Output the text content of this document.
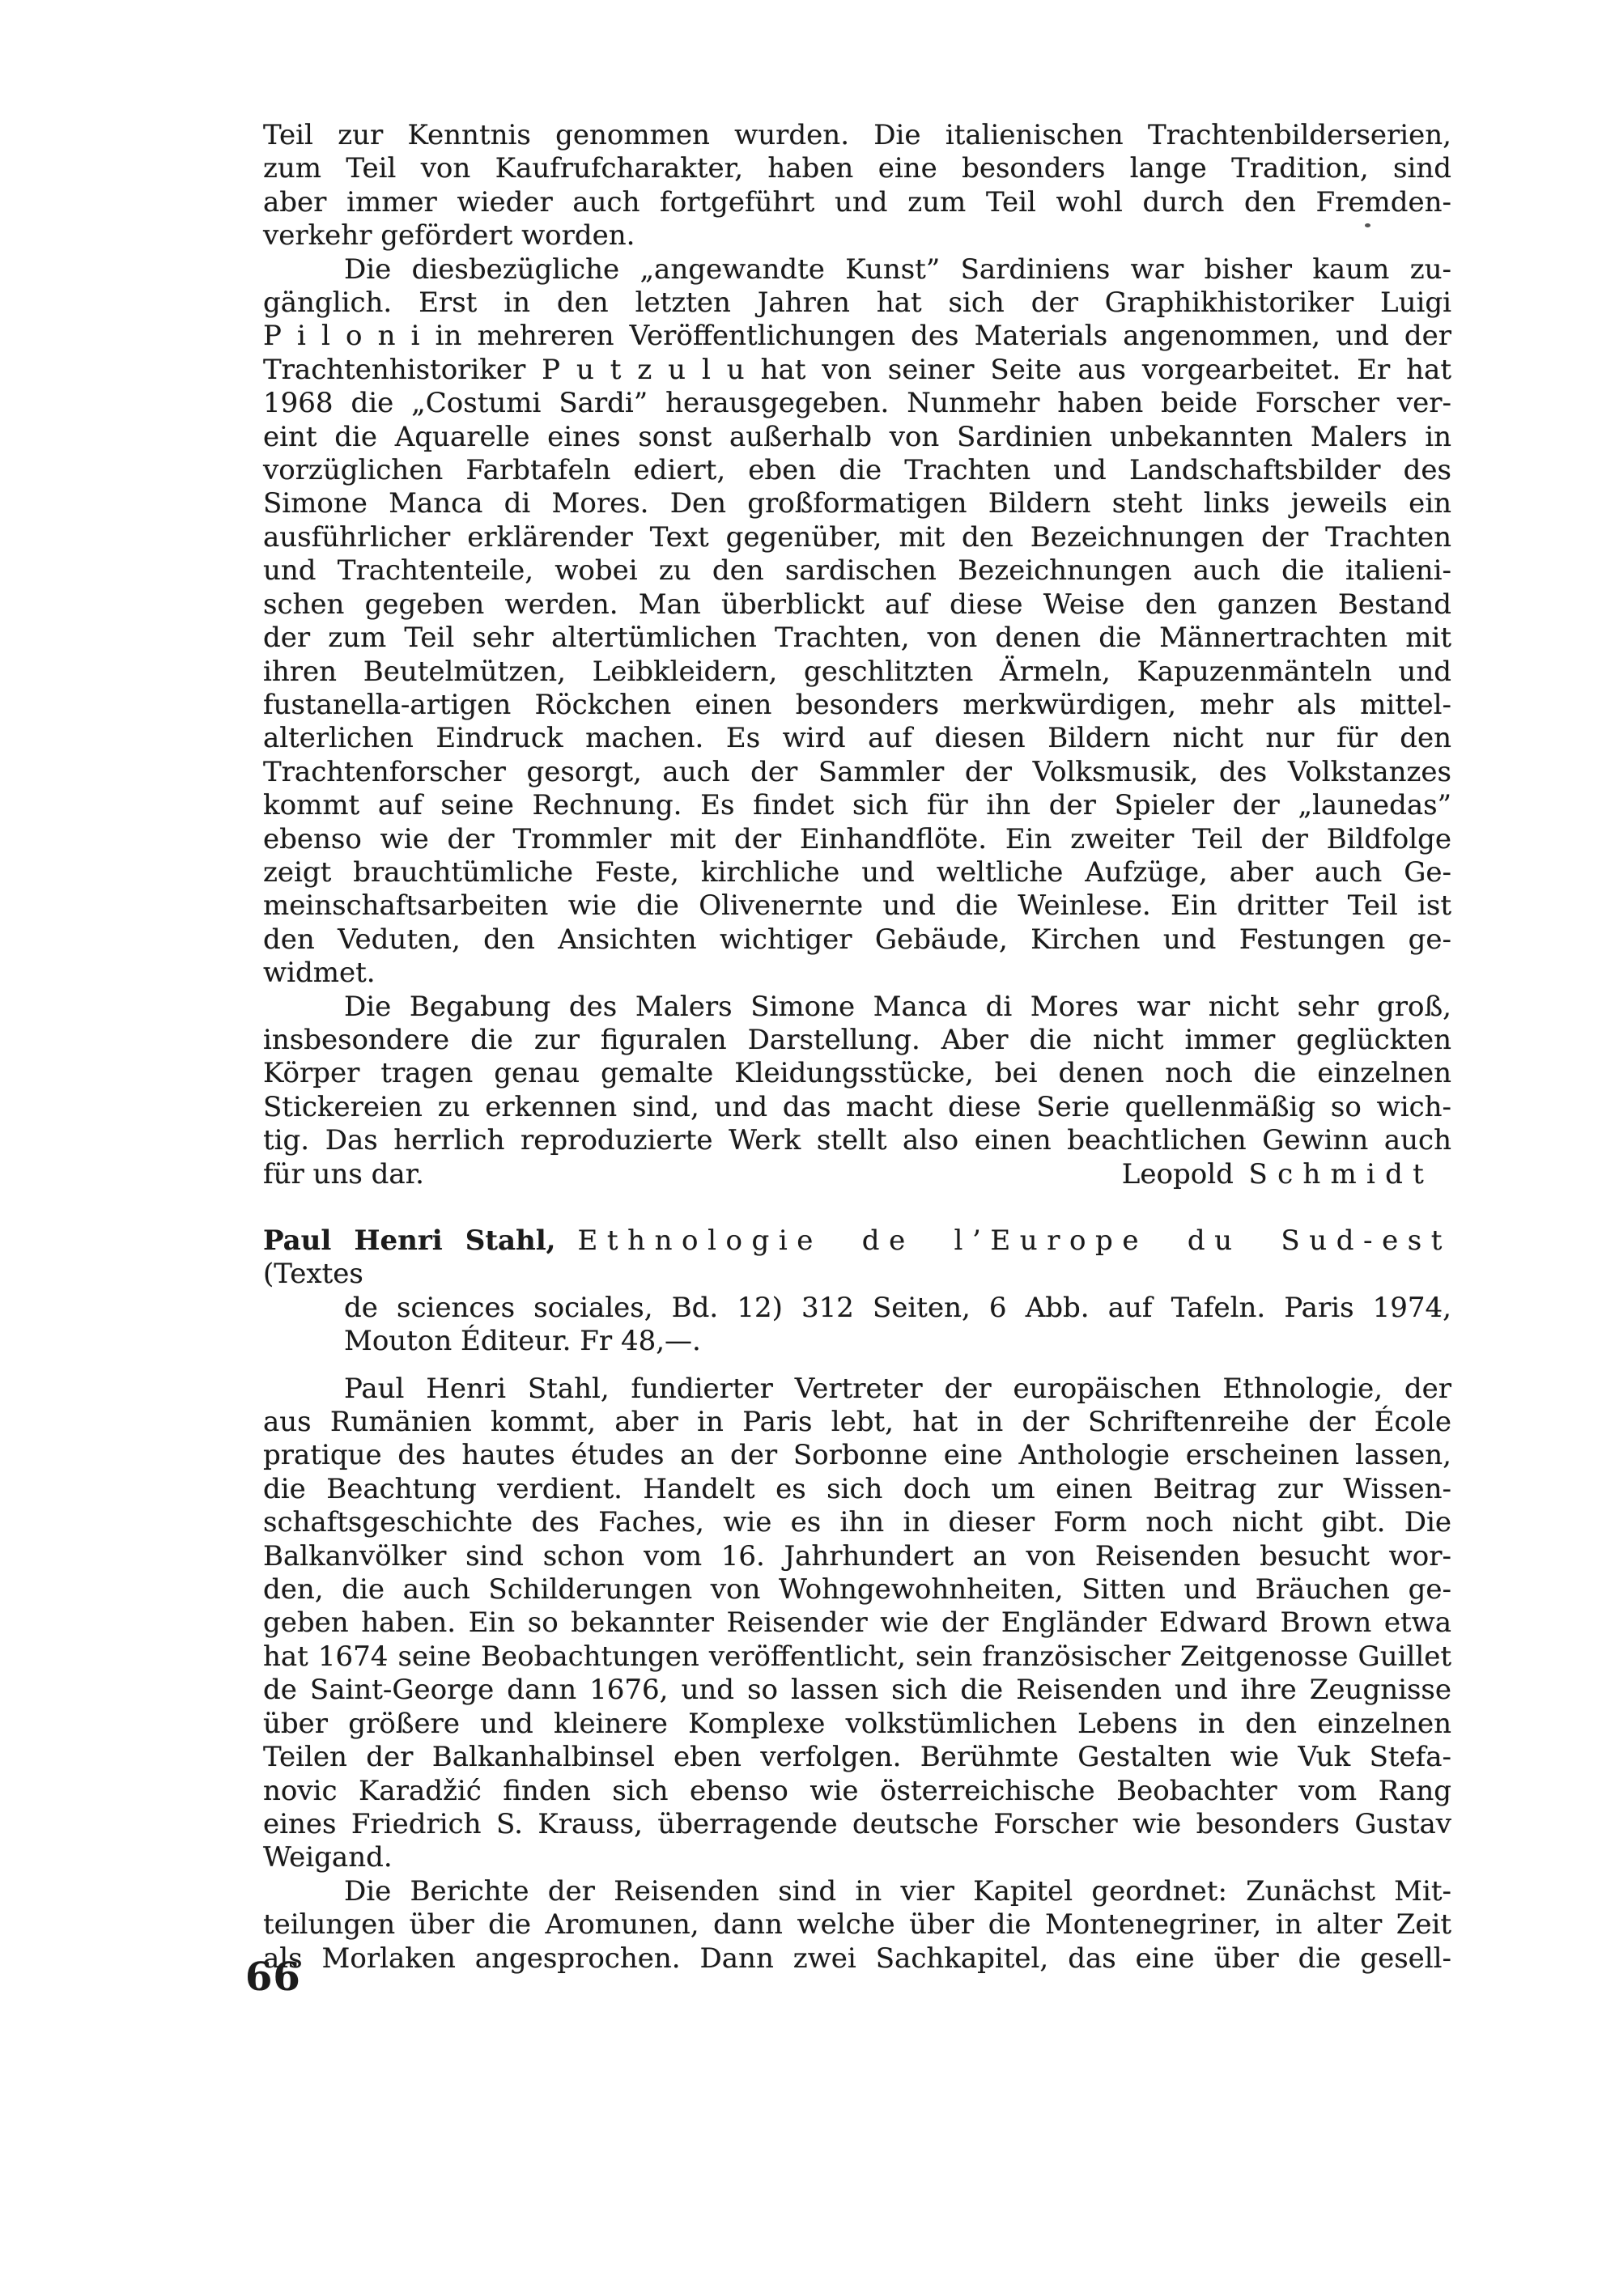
Teil zur Kenntnis genommen wurden. Die italienischen Trachtenbilderserien,
zum Teil von Kaufrufcharakter, haben eine besonders lange Tradition, sind
aber immer wieder auch fortgeführt und zum Teil wohl durch den Fremden-
verkehr gefördert worden.
Die diesbezügliche „angewandte Kunst” Sardiniens war bisher kaum zu-
gänglich. Erst in den letzten Jahren hat sich der Graphikhistoriker Luigi
P i l o n i in mehreren Veröffentlichungen des Materials angenommen, und der
Trachtenhistoriker P u t z u l u hat von seiner Seite aus vorgearbeitet. Er hat
1968 die „Costumi Sardi” herausgegeben. Nunmehr haben beide Forscher ver-
eint die Aquarelle eines sonst außerhalb von Sardinien unbekannten Malers in
vorzüglichen Farbtafeln ediert, eben die Trachten und Landschaftsbilder des
Simone Manca di Mores. Den großformatigen Bildern steht links jeweils ein
ausführlicher erklärender Text gegenüber, mit den Bezeichnungen der Trachten
und Trachtenteile, wobei zu den sardischen Bezeichnungen auch die italieni-
schen gegeben werden. Man überblickt auf diese Weise den ganzen Bestand
der zum Teil sehr altertümlichen Trachten, von denen die Männertrachten mit
ihren Beutelmützen, Leibkleidern, geschlitzten Ärmeln, Kapuzenmänteln und
fustanella-artigen Röckchen einen besonders merkwürdigen, mehr als mittel-
alterlichen Eindruck machen. Es wird auf diesen Bildern nicht nur für den
Trachtenforscher gesorgt, auch der Sammler der Volksmusik, des Volkstanzes
kommt auf seine Rechnung. Es findet sich für ihn der Spieler der „launedas”
ebenso wie der Trommler mit der Einhandflöte. Ein zweiter Teil der Bildfolge
zeigt brauchtümliche Feste, kirchliche und weltliche Aufzüge, aber auch Ge-
meinschaftsarbeiten wie die Olivenernte und die Weinlese. Ein dritter Teil ist
den Veduten, den Ansichten wichtiger Gebäude, Kirchen und Festungen ge-
widmet.
Die Begabung des Malers Simone Manca di Mores war nicht sehr groß,
insbesondere die zur figuralen Darstellung. Aber die nicht immer geglückten
Körper tragen genau gemalte Kleidungsstücke, bei denen noch die einzelnen
Stickereien zu erkennen sind, und das macht diese Serie quellenmäßig so wich-
tig. Das herrlich reproduzierte Werk stellt also einen beachtlichen Gewinn auch
für uns dar.	Leopold Schmidt
Paul Henri Stahl, Ethnologie de l’Europe du Sud-est (Textes
de sciences sociales, Bd. 12) 312 Seiten, 6 Abb. auf Tafeln. Paris 1974,
Mouton Éditeur. Fr 48,—.
Paul Henri Stahl, fundierter Vertreter der europäischen Ethnologie, der
aus Rumänien kommt, aber in Paris lebt, hat in der Schriftenreihe der École
pratique des hautes études an der Sorbonne eine Anthologie erscheinen lassen,
die Beachtung verdient. Handelt es sich doch um einen Beitrag zur Wissen-
schaftsgeschichte des Faches, wie es ihn in dieser Form noch nicht gibt. Die
Balkanvölker sind schon vom 16. Jahrhundert an von Reisenden besucht wor-
den, die auch Schilderungen von Wohngewohnheiten, Sitten und Bräuchen ge-
geben haben. Ein so bekannter Reisender wie der Engländer Edward Brown etwa
hat 1674 seine Beobachtungen veröffentlicht, sein französischer Zeitgenosse Guillet
de Saint-George dann 1676, und so lassen sich die Reisenden und ihre Zeugnisse
über größere und kleinere Komplexe volkstümlichen Lebens in den einzelnen
Teilen der Balkanhalbinsel eben verfolgen. Berühmte Gestalten wie Vuk Stefa-
novic Karadžić finden sich ebenso wie österreichische Beobachter vom Rang
eines Friedrich S. Krauss, überragende deutsche Forscher wie besonders Gustav
Weigand.
Die Berichte der Reisenden sind in vier Kapitel geordnet: Zunächst Mit-
teilungen über die Aromunen, dann welche über die Montenegriner, in alter Zeit
als Morlaken angesprochen. Dann zwei Sachkapitel, das eine über die gesell-
66
